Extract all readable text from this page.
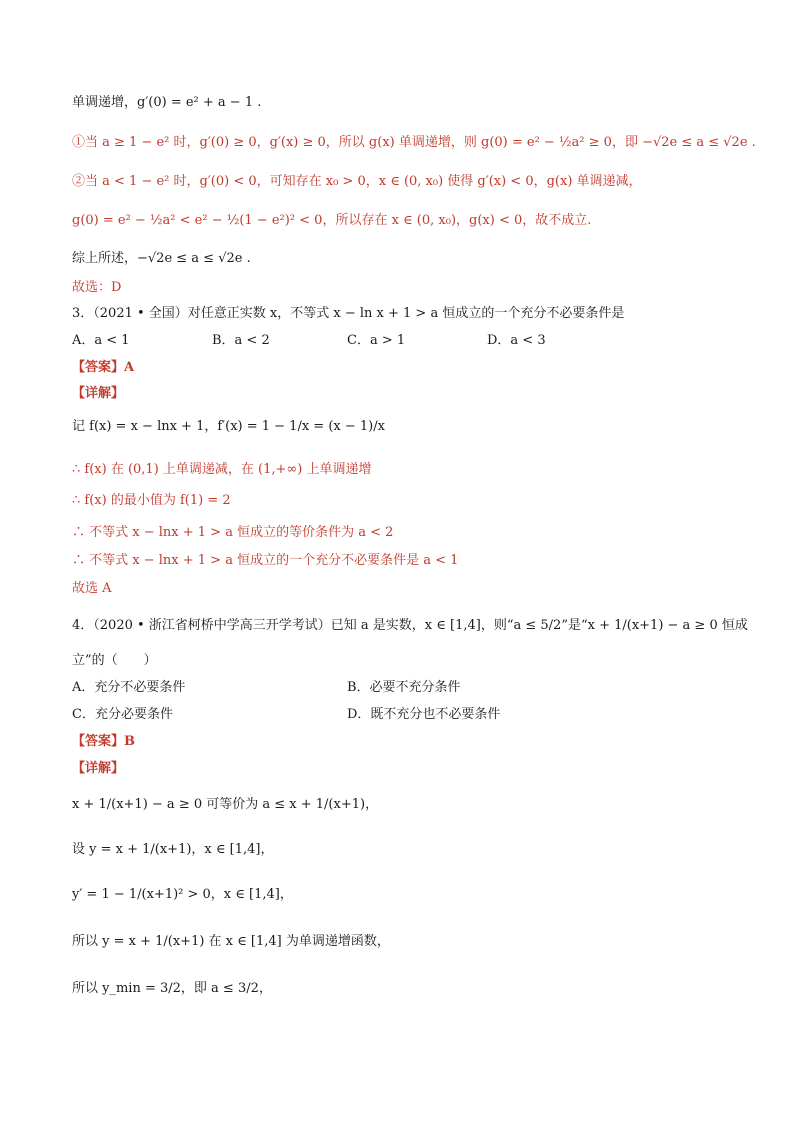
单调递增，g′(0) = e² + a − 1 .
①当 a ≥ 1 − e² 时，g′(0) ≥ 0，g′(x) ≥ 0，所以 g(x) 单调递增，则 g(0) = e² − ½a² ≥ 0，即 −√2e ≤ a ≤ √2e .
②当 a < 1 − e² 时，g′(0) < 0，可知存在 x₀ > 0，x ∈ (0, x₀) 使得 g′(x) < 0，g(x) 单调递减，
g(0) = e² − ½a² < e² − ½(1 − e²)² < 0，所以存在 x ∈ (0, x₀)，g(x) < 0，故不成立.
综上所述，−√2e ≤ a ≤ √2e .
故选：D
3．（2021 • 全国）对任意正实数 x，不等式 x − ln x + 1 > a 恒成立的一个充分不必要条件是
A．a < 1	B．a < 2	C．a > 1	D．a < 3
【答案】A
【详解】
记 f(x) = x − lnx + 1，f′(x) = 1 − 1/x = (x − 1)/x
∴ f(x) 在 (0,1) 上单调递减，在 (1,+∞) 上单调递增
∴ f(x) 的最小值为 f(1) = 2
∴ 不等式 x − lnx + 1 > a 恒成立的等价条件为 a < 2
∴ 不等式 x − lnx + 1 > a 恒成立的一个充分不必要条件是 a < 1
故选 A
4．（2020 • 浙江省柯桥中学高三开学考试）已知 a 是实数，x ∈ [1,4]，则“a ≤ 5/2”是“x + 1/(x+1) − a ≥ 0 恒成
立”的（　　）
A．充分不必要条件	B．必要不充分条件
C．充分必要条件	D．既不充分也不必要条件
【答案】B
【详解】
x + 1/(x+1) − a ≥ 0 可等价为 a ≤ x + 1/(x+1)，
设 y = x + 1/(x+1)，x ∈ [1,4]，
y′ = 1 − 1/(x+1)² > 0，x ∈ [1,4]，
所以 y = x + 1/(x+1) 在 x ∈ [1,4] 为单调递增函数，
所以 y_min = 3/2，即 a ≤ 3/2，
